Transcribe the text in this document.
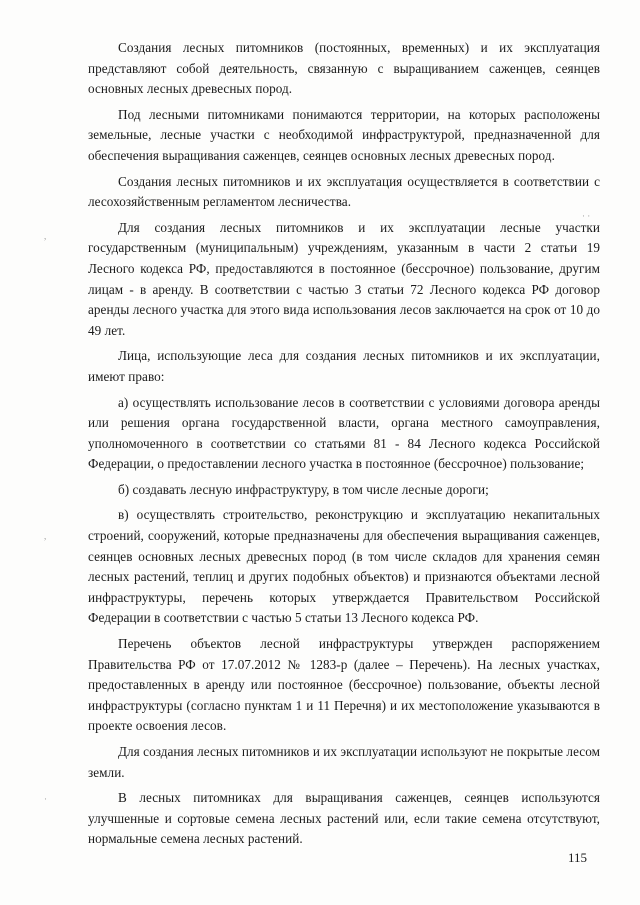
Создания лесных питомников (постоянных, временных) и их эксплуатация представляют собой деятельность, связанную с выращиванием саженцев, сеянцев основных лесных древесных пород.

Под лесными питомниками понимаются территории, на которых расположены земельные, лесные участки с необходимой инфраструктурой, предназначенной для обеспечения выращивания саженцев, сеянцев основных лесных древесных пород.

Создания лесных питомников и их эксплуатация осуществляется в соответствии с лесохозяйственным регламентом лесничества.

Для создания лесных питомников и их эксплуатации лесные участки государственным (муниципальным) учреждениям, указанным в части 2 статьи 19 Лесного кодекса РФ, предоставляются в постоянное (бессрочное) пользование, другим лицам - в аренду. В соответствии с частью 3 статьи 72 Лесного кодекса РФ договор аренды лесного участка для этого вида использования лесов заключается на срок от 10 до 49 лет.

Лица, использующие леса для создания лесных питомников и их эксплуатации, имеют право:

а) осуществлять использование лесов в соответствии с условиями договора аренды или решения органа государственной власти, органа местного самоуправления, уполномоченного в соответствии со статьями 81 - 84 Лесного кодекса Российской Федерации, о предоставлении лесного участка в постоянное (бессрочное) пользование;

б) создавать лесную инфраструктуру, в том числе лесные дороги;

в) осуществлять строительство, реконструкцию и эксплуатацию некапитальных строений, сооружений, которые предназначены для обеспечения выращивания саженцев, сеянцев основных лесных древесных пород (в том числе складов для хранения семян лесных растений, теплиц и других подобных объектов) и признаются объектами лесной инфраструктуры, перечень которых утверждается Правительством Российской Федерации в соответствии с частью 5 статьи 13 Лесного кодекса РФ.

Перечень объектов лесной инфраструктуры утвержден распоряжением Правительства РФ от 17.07.2012 № 1283-р (далее – Перечень). На лесных участках, предоставленных в аренду или постоянное (бессрочное) пользование, объекты лесной инфраструктуры (согласно пунктам 1 и 11 Перечня) и их местоположение указываются в проекте освоения лесов.

Для создания лесных питомников и их эксплуатации используют не покрытые лесом земли.

В лесных питомниках для выращивания саженцев, сеянцев используются улучшенные и сортовые семена лесных растений или, если такие семена отсутствуют, нормальные семена лесных растений.

,
· ·
,
·
115
